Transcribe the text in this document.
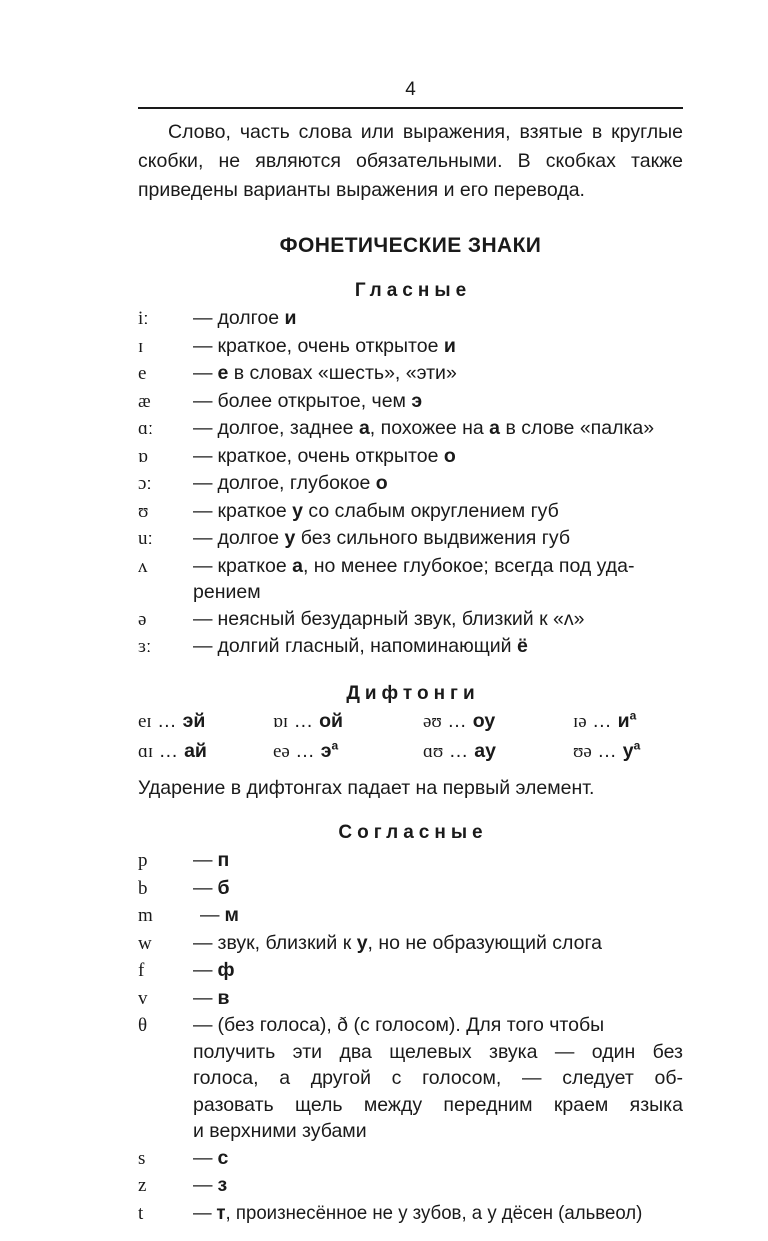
4

Слово, часть слова или выражения, взятые в круглые скобки, не являются обязательными. В скобках также приведены варианты выражения и его перевода.

ФОНЕТИЧЕСКИЕ ЗНАКИ
Гласные
iː	— долгое и
ɪ	— краткое, очень открытое и
e	— е в словах «шесть», «эти»
æ	— более открытое, чем э
ɑː	— долгое, заднее а, похожее на а в слове «палка»
ɒ	— краткое, очень открытое о
ɔː	— долгое, глубокое о
ʊ	— краткое у со слабым округлением губ
uː	— долгое у без сильного выдвижения губ
ʌ	— краткое а, но менее глубокое; всегда под уда-
рением
ə	— неясный безударный звук, близкий к «ʌ»
ɜː	— долгий гласный, напоминающий ё
Дифтонги
eɪ … эй	ɒɪ … ой	əʊ … оу	ɪə … $и^а$
ɑɪ … ай	eə … $э^а$	ɑʊ … ау	ʊə … $у^а$

Ударение в дифтонгах падает на первый элемент.

Согласные
p	— п
b	— б
m	— м
w	— звук, близкий к у, но не образующий слога
f	— ф
v	— в
θ	— (без голоса), ð (с голосом). Для того чтобы
получить эти два щелевых звука — один без
голоса, а другой с голосом, — следует об-
разовать щель между передним краем языка
и верхними зубами
s	— с
z	— з
t	— т, произнесённое не у зубов, а у дёсен (альвеол)
